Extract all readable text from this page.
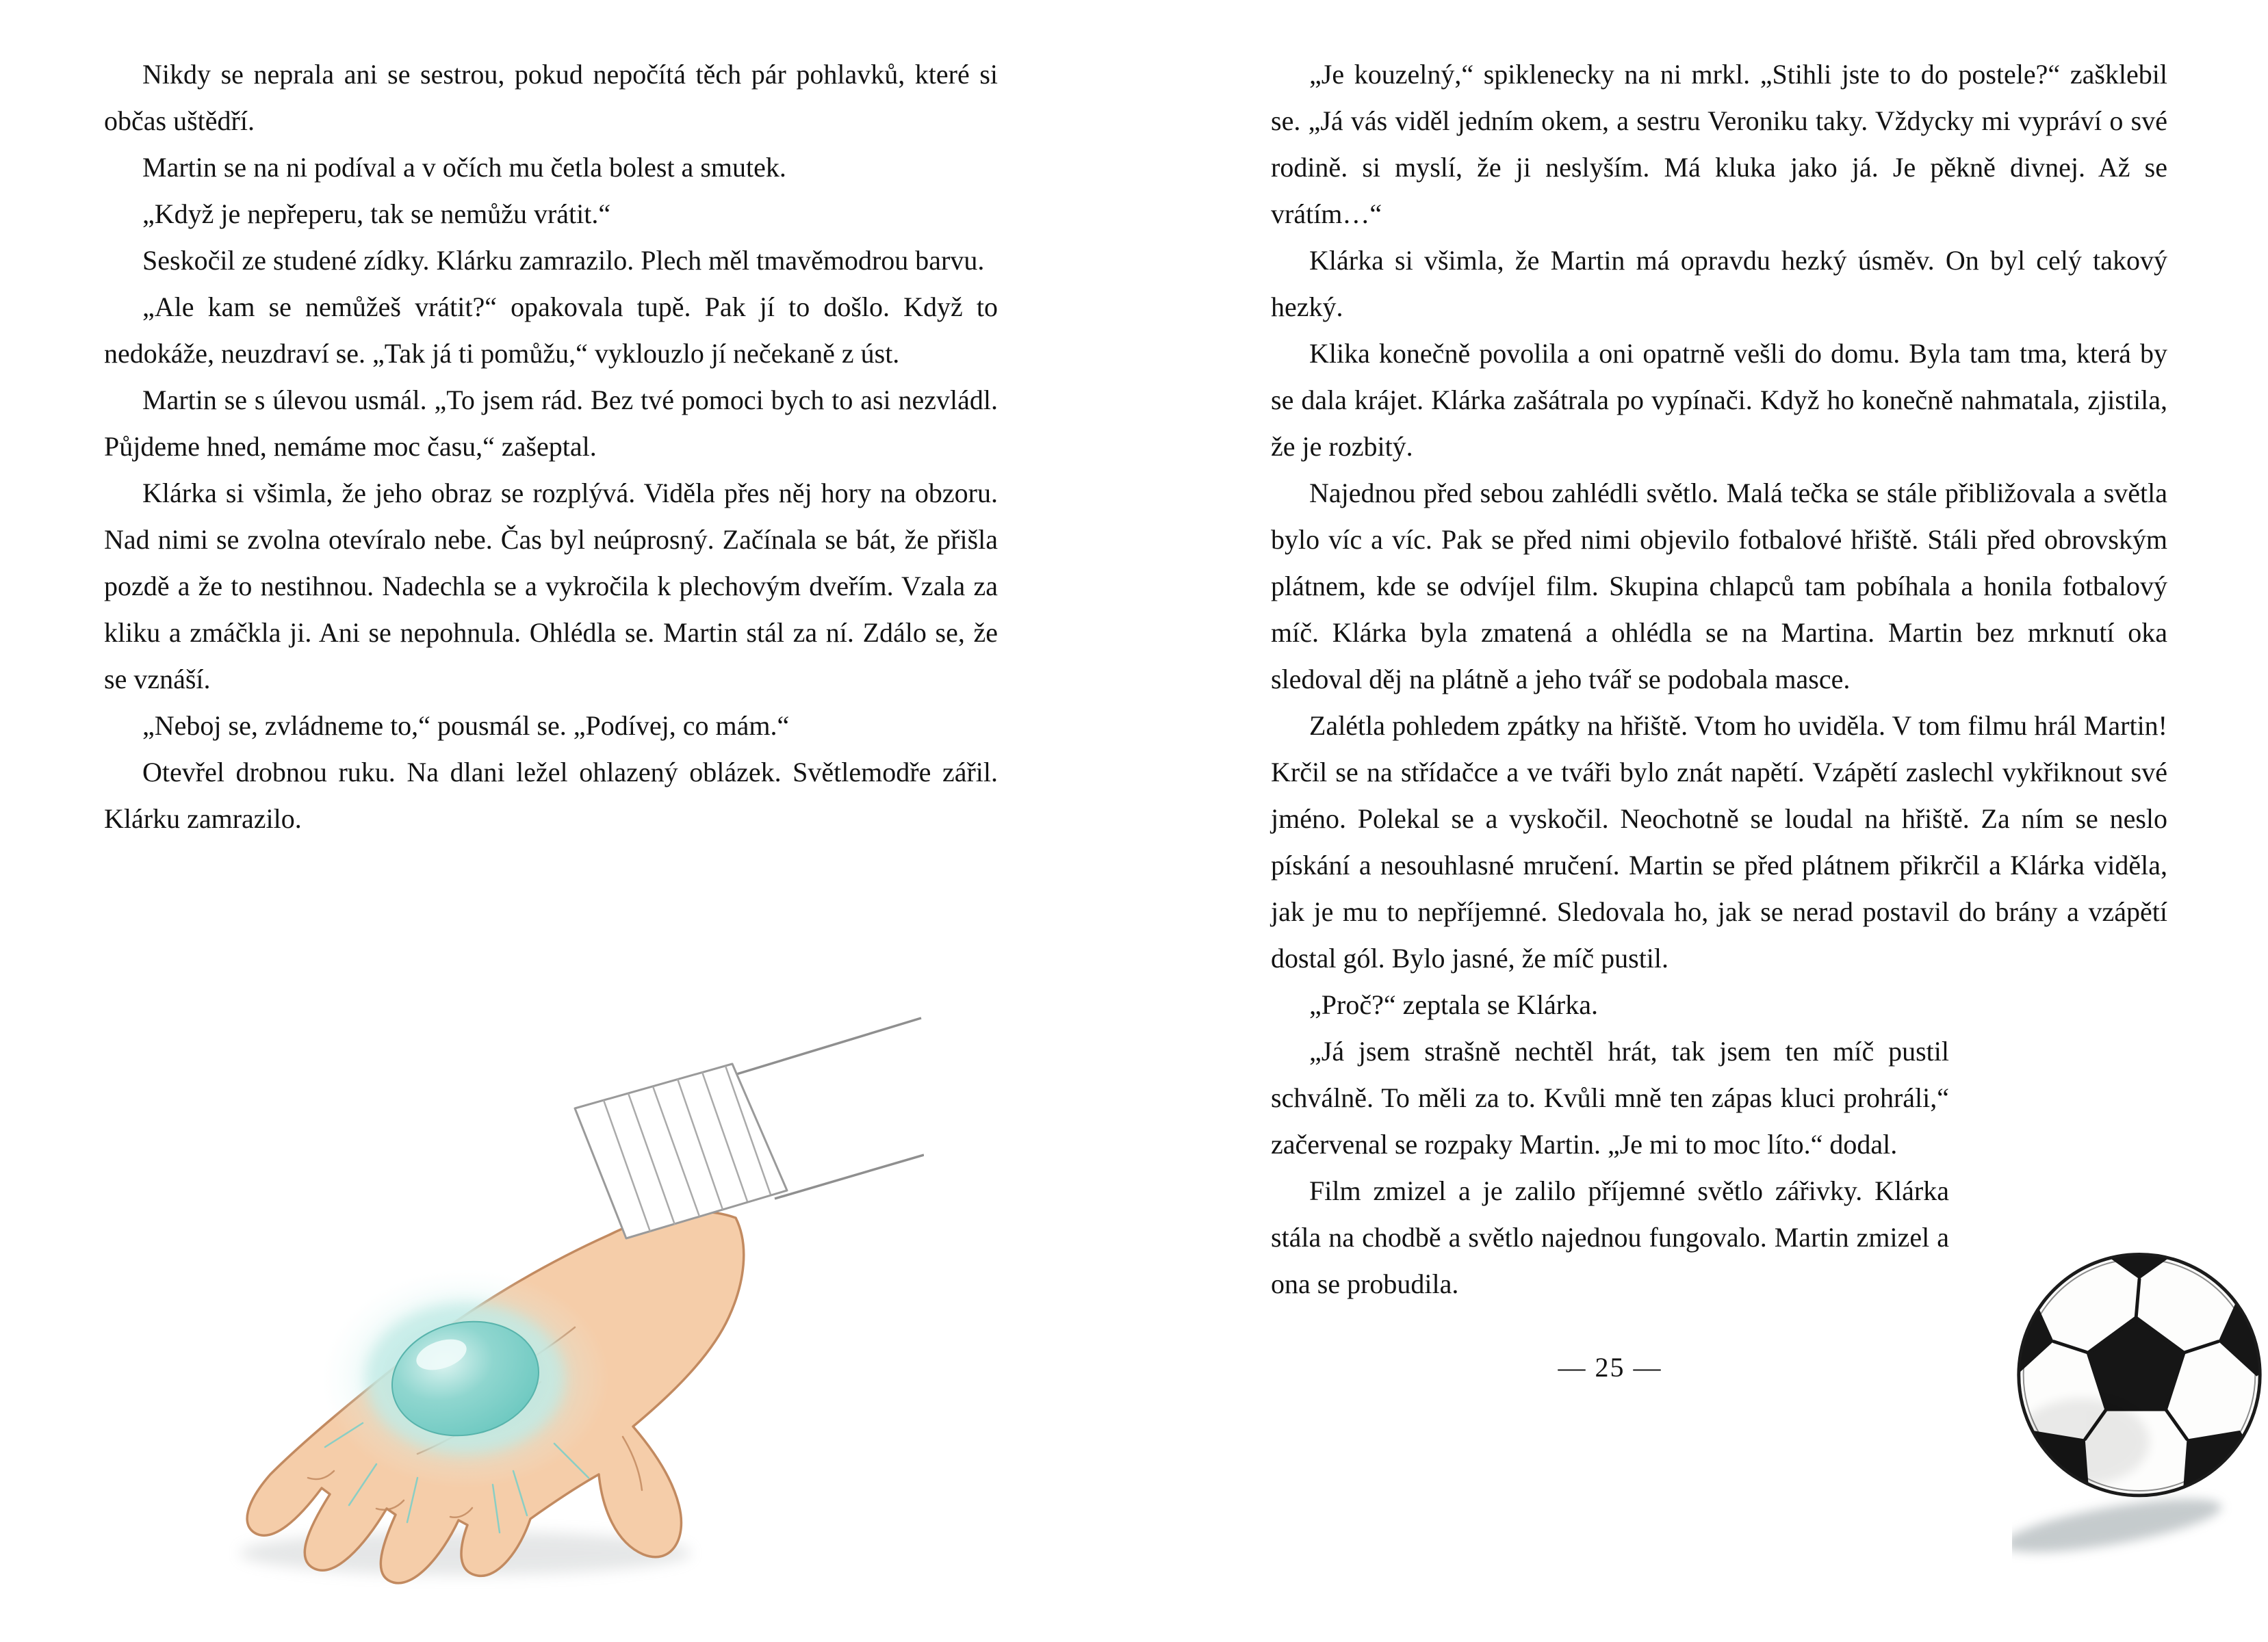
Nikdy se neprala ani se sestrou, pokud nepočítá těch pár pohlavků, které si občas uštědří.

Martin se na ni podíval a v očích mu četla bolest a smutek.

„Když je nepřeperu, tak se nemůžu vrátit.“

Seskočil ze studené zídky. Klárku zamrazilo. Plech měl tmavěmodrou barvu.

„Ale kam se nemůžeš vrátit?“ opakovala tupě. Pak jí to došlo. Když to nedokáže, neuzdraví se. „Tak já ti pomůžu,“ vyklouzlo jí nečekaně z úst.

Martin se s úlevou usmál. „To jsem rád. Bez tvé pomoci bych to asi nezvládl. Půjdeme hned, nemáme moc času,“ zašeptal.

Klárka si všimla, že jeho obraz se rozplývá. Viděla přes něj hory na obzoru. Nad nimi se zvolna otevíralo nebe. Čas byl neúprosný. Začínala se bát, že přišla pozdě a že to nestihnou. Nadechla se a vykročila k plechovým dveřím. Vzala za kliku a zmáčkla ji. Ani se nepohnula. Ohlédla se. Martin stál za ní. Zdálo se, že se vznáší.

„Neboj se, zvládneme to,“ pousmál se. „Podívej, co mám.“

Otevřel drobnou ruku. Na dlani ležel ohlazený oblázek. Světlemodře zářil. Klárku zamrazilo.

„Je kouzelný,“ spiklenecky na ni mrkl. „Stihli jste to do postele?“ zašklebil se. „Já vás viděl jedním okem, a sestru Veroniku taky. Vždycky mi vypráví o své rodině. si myslí, že ji neslyším. Má kluka jako já. Je pěkně divnej. Až se vrátím…“

Klárka si všimla, že Martin má opravdu hezký úsměv. On byl celý takový hezký.

Klika konečně povolila a oni opatrně vešli do domu. Byla tam tma, která by se dala krájet. Klárka zašátrala po vypínači. Když ho konečně nahmatala, zjistila, že je rozbitý.

Najednou před sebou zahlédli světlo. Malá tečka se stále přibližovala a světla bylo víc a víc. Pak se před nimi objevilo fotbalové hřiště. Stáli před obrovským plátnem, kde se odvíjel film. Skupina chlapců tam pobíhala a honila fotbalový míč. Klárka byla zmatená a ohlédla se na Martina. Martin bez mrknutí oka sledoval děj na plátně a jeho tvář se podobala masce.

Zalétla pohledem zpátky na hřiště. Vtom ho uviděla. V tom filmu hrál Martin! Krčil se na střídačce a ve tváři bylo znát napětí. Vzápětí zaslechl vykřiknout své jméno. Polekal se a vyskočil. Neochotně se loudal na hřiště. Za ním se neslo pískání a nesouhlasné mručení. Martin se před plátnem přikrčil a Klárka viděla, jak je mu to nepříjemné. Sledovala ho, jak se nerad postavil do brány a vzápětí dostal gól. Bylo jasné, že míč pustil.

„Proč?“ zeptala se Klárka.

„Já jsem strašně nechtěl hrát, tak jsem ten míč pustil schválně. To měli za to. Kvůli mně ten zápas kluci prohráli,“ začervenal se rozpaky Martin. „Je mi to moc líto.“ dodal.

Film zmizel a je zalilo příjemné světlo zářivky. Klárka stála na chodbě a světlo najednou fungovalo. Martin zmizel a ona se probudila.

— 25 —
